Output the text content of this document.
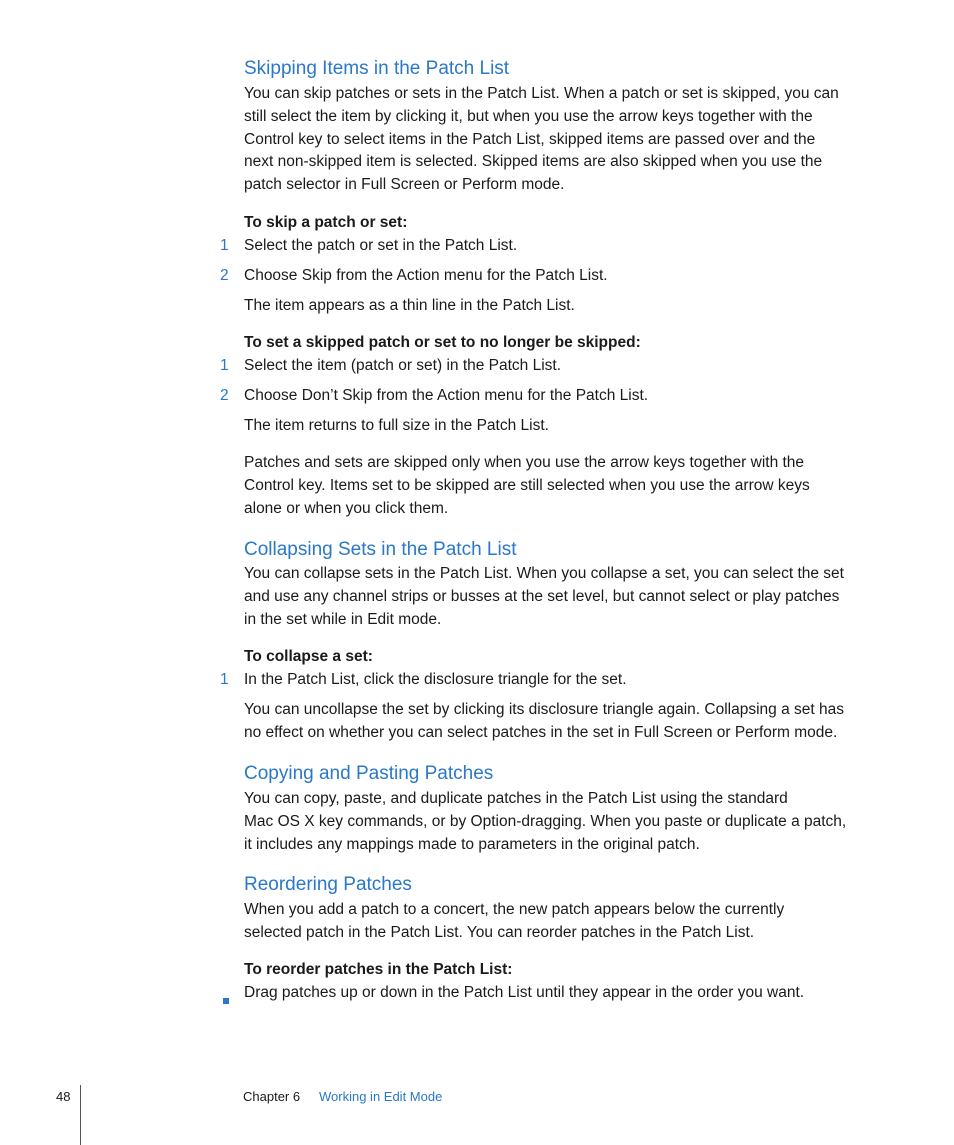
Skipping Items in the Patch List
You can skip patches or sets in the Patch List. When a patch or set is skipped, you can
still select the item by clicking it, but when you use the arrow keys together with the
Control key to select items in the Patch List, skipped items are passed over and the
next non-skipped item is selected. Skipped items are also skipped when you use the
patch selector in Full Screen or Perform mode.
To skip a patch or set:
1 Select the patch or set in the Patch List.
2 Choose Skip from the Action menu for the Patch List.
The item appears as a thin line in the Patch List.
To set a skipped patch or set to no longer be skipped:
1 Select the item (patch or set) in the Patch List.
2 Choose Don’t Skip from the Action menu for the Patch List.
The item returns to full size in the Patch List.
Patches and sets are skipped only when you use the arrow keys together with the
Control key. Items set to be skipped are still selected when you use the arrow keys
alone or when you click them.
Collapsing Sets in the Patch List
You can collapse sets in the Patch List. When you collapse a set, you can select the set
and use any channel strips or busses at the set level, but cannot select or play patches
in the set while in Edit mode.
To collapse a set:
1 In the Patch List, click the disclosure triangle for the set.
You can uncollapse the set by clicking its disclosure triangle again. Collapsing a set has
no effect on whether you can select patches in the set in Full Screen or Perform mode.
Copying and Pasting Patches
You can copy, paste, and duplicate patches in the Patch List using the standard
Mac OS X key commands, or by Option-dragging. When you paste or duplicate a patch,
it includes any mappings made to parameters in the original patch.
Reordering Patches
When you add a patch to a concert, the new patch appears below the currently
selected patch in the Patch List. You can reorder patches in the Patch List.
To reorder patches in the Patch List:
Drag patches up or down in the Patch List until they appear in the order you want.
48	Chapter 6 Working in Edit Mode
